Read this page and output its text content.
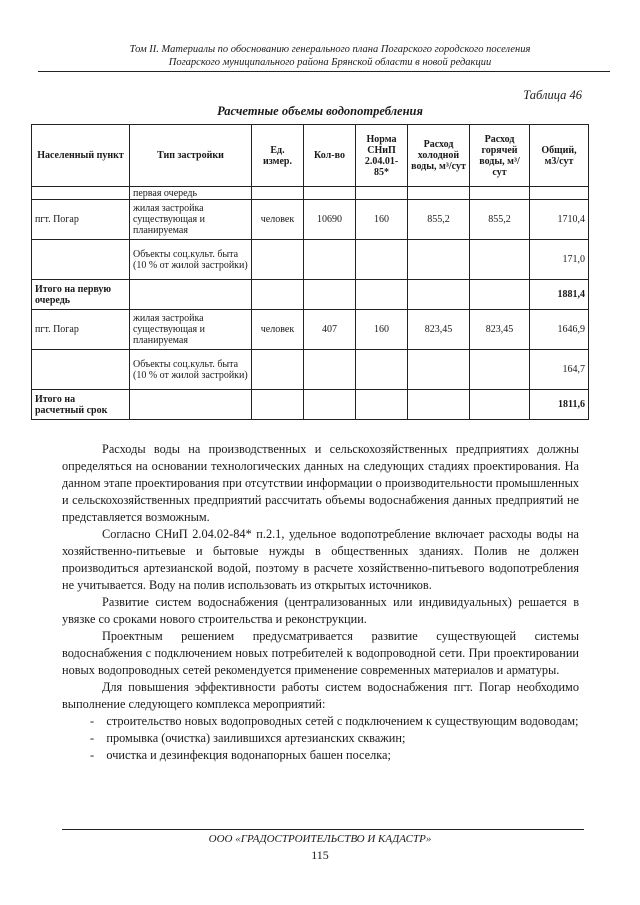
Том II. Материалы по обоснованию генерального плана Погарского городского поселения
Погарского муниципального района Брянской области в новой редакции
Таблица 46
Расчетные объемы водопотребления
Населенный пункт	Тип застройки	Ед. измер.	Кол-во	Норма СНиП 2.04.01-85*	Расход холодной воды, м³/сут	Расход горячей воды, м³/сут	Общий, м3/сут
	первая очередь						
пгт. Погар	жилая застройка существующая и планируемая	человек	10690	160	855,2	855,2	1710,4
	Объекты соц.культ. быта (10 % от жилой застройки)						171,0
Итого на первую очередь							1881,4
пгт. Погар	жилая застройка существующая и планируемая	человек	407	160	823,45	823,45	1646,9
	Объекты соц.культ. быта (10 % от жилой застройки)						164,7
Итого на расчетный срок							1811,6

Расходы воды на производственных и сельскохозяйственных предприятиях должны определяться на основании технологических данных на следующих стадиях проектирования. На данном этапе проектирования при отсутствии информации о производительности промышленных и сельскохозяйственных предприятий рассчитать объемы водоснабжения данных предприятий не представляется возможным.

Согласно СНиП 2.04.02-84* п.2.1, удельное водопотребление включает расходы воды на хозяйственно-питьевые и бытовые нужды в общественных зданиях. Полив не должен производиться артезианской водой, поэтому в расчете хозяйственно-питьевого водопотребления не учитывается. Воду на полив использовать из открытых источников.

Развитие систем водоснабжения (централизованных или индивидуальных) решается в увязке со сроками нового строительства и реконструкции.

Проектным решением предусматривается развитие существующей системы водоснабжения с подключением новых потребителей к водопроводной сети. При проектировании новых водопроводных сетей рекомендуется применение современных материалов и арматуры.

Для повышения эффективности работы систем водоснабжения пгт. Погар необходимо выполнение следующего комплекса мероприятий:

-    строительство новых водопроводных сетей с подключением к существующим водоводам;

-    промывка (очистка) заилившихся артезианских скважин;

-    очистка и дезинфекция водонапорных башен поселка;

ООО «ГРАДОСТРОИТЕЛЬСТВО И КАДАСТР»
115
